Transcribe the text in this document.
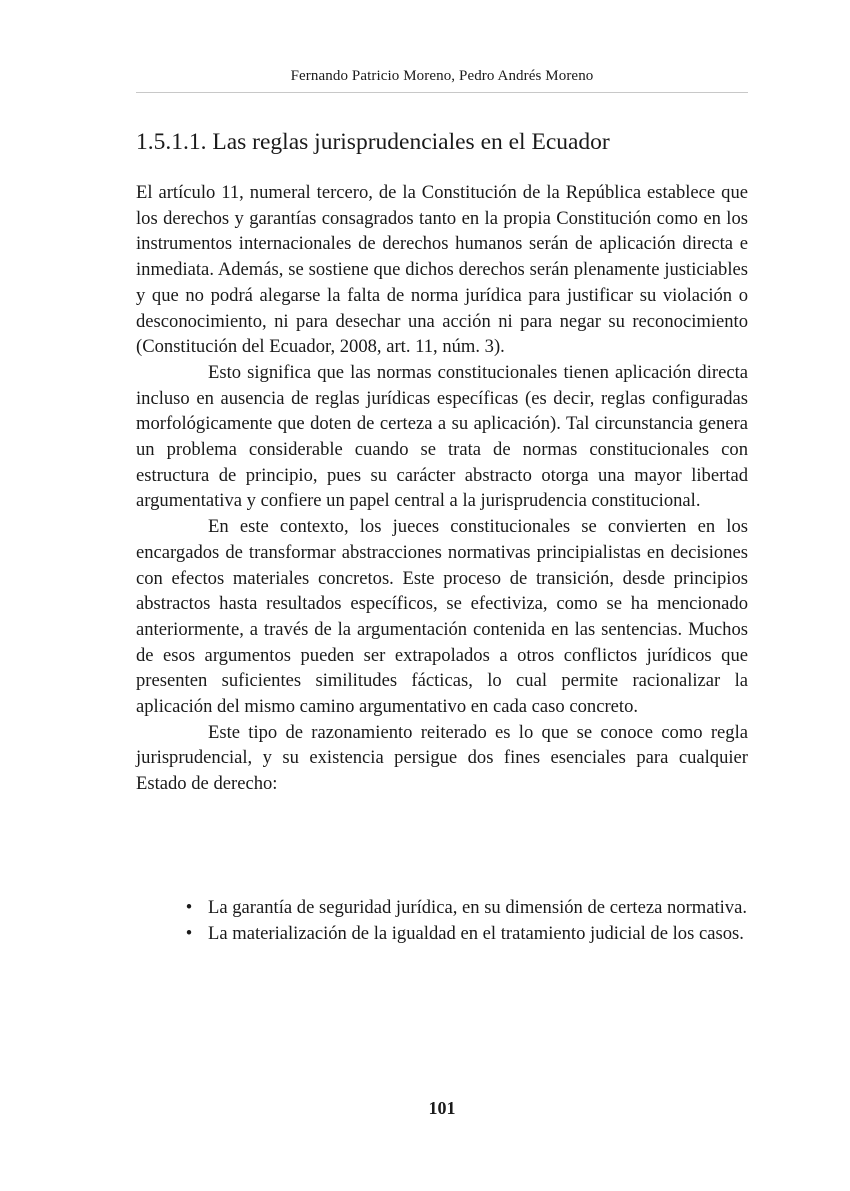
Fernando Patricio Moreno, Pedro Andrés Moreno
1.5.1.1. Las reglas jurisprudenciales en el Ecuador

El artículo 11, numeral tercero, de la Constitución de la República establece que los derechos y garantías consagrados tanto en la propia Constitución como en los instrumentos internacionales de derechos humanos serán de aplicación directa e inmediata. Además, se sostiene que dichos derechos serán plenamente justiciables y que no podrá alegarse la falta de norma jurídica para justificar su violación o desconocimiento, ni para desechar una acción ni para negar su reconocimiento (Constitución del Ecuador, 2008, art. 11, núm. 3).

Esto significa que las normas constitucionales tienen aplicación directa incluso en ausencia de reglas jurídicas específicas (es decir, reglas configuradas morfológicamente que doten de certeza a su aplicación). Tal circunstancia genera un problema considerable cuando se trata de normas constitucionales con estructura de principio, pues su carácter abstracto otorga una mayor libertad argumentativa y confiere un papel central a la jurisprudencia constitucional.

En este contexto, los jueces constitucionales se convierten en los encargados de transformar abstracciones normativas principialistas en decisiones con efectos materiales concretos. Este proceso de transición, desde principios abstractos hasta resultados específicos, se efectiviza, como se ha mencionado anteriormente, a través de la argumentación contenida en las sentencias. Muchos de esos argumentos pueden ser extrapolados a otros conflictos jurídicos que presenten suficientes similitudes fácticas, lo cual permite racionalizar la aplicación del mismo camino argumentativo en cada caso concreto.

Este tipo de razonamiento reiterado es lo que se conoce como regla jurisprudencial, y su existencia persigue dos fines esenciales para cualquier Estado de derecho:

• La garantía de seguridad jurídica, en su dimensión de certeza normativa.
• La materialización de la igualdad en el tratamiento judicial de los casos.
101
